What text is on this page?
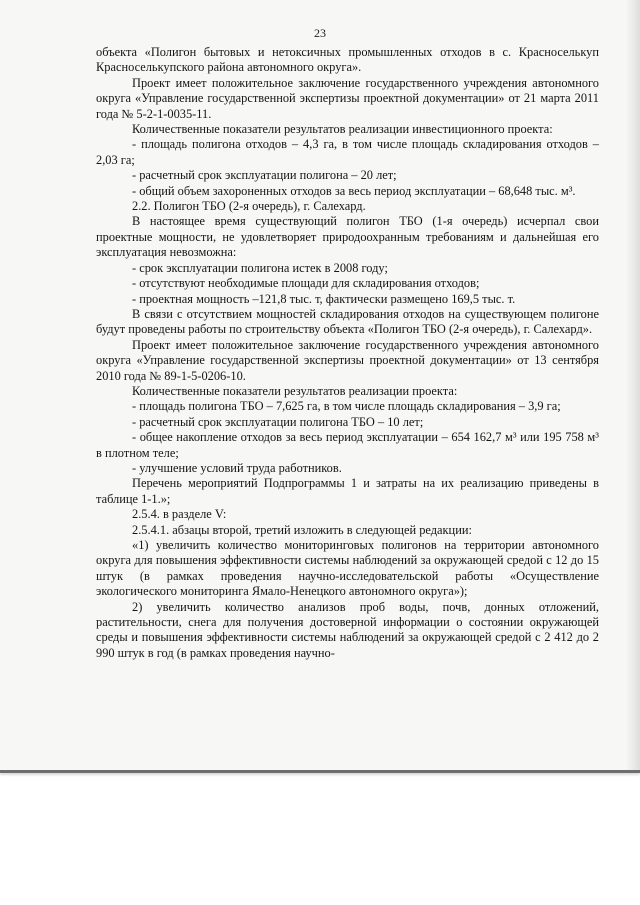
23

объекта «Полигон бытовых и нетоксичных промышленных отходов в с. Красноселькуп Красноселькупского района автономного округа».

Проект имеет положительное заключение государственного учреждения автономного округа «Управление государственной экспертизы проектной документации» от 21 марта 2011 года № 5-2-1-0035-11.

Количественные показатели результатов реализации инвестиционного проекта:

- площадь полигона отходов – 4,3 га, в том числе площадь складирования отходов – 2,03 га;

- расчетный срок эксплуатации полигона – 20 лет;

- общий объем захороненных отходов за весь период эксплуатации – 68,648 тыс. м³.

2.2. Полигон ТБО (2-я очередь), г. Салехард.

В настоящее время существующий полигон ТБО (1-я очередь) исчерпал свои проектные мощности, не удовлетворяет природоохранным требованиям и дальнейшая его эксплуатация невозможна:

- срок эксплуатации полигона истек в 2008 году;

- отсутствуют необходимые площади для складирования отходов;

- проектная мощность –121,8 тыс. т, фактически размещено 169,5 тыс. т.

В связи с отсутствием мощностей складирования отходов на существующем полигоне будут проведены работы по строительству объекта «Полигон ТБО (2-я очередь), г. Салехард».

Проект имеет положительное заключение государственного учреждения автономного округа «Управление государственной экспертизы проектной документации» от 13 сентября 2010 года № 89-1-5-0206-10.

Количественные показатели результатов реализации проекта:

- площадь полигона ТБО – 7,625 га, в том числе площадь складирования – 3,9 га;

- расчетный срок эксплуатации полигона ТБО – 10 лет;

- общее накопление отходов за весь период эксплуатации – 654 162,7 м³ или 195 758 м³ в плотном теле;

- улучшение условий труда работников.

Перечень мероприятий Подпрограммы 1 и затраты на их реализацию приведены в таблице 1-1.»;

2.5.4. в разделе V:

2.5.4.1. абзацы второй, третий изложить в следующей редакции:

«1) увеличить количество мониторинговых полигонов на территории автономного округа для повышения эффективности системы наблюдений за окружающей средой с 12 до 15 штук (в рамках проведения научно-исследовательской работы «Осуществление экологического мониторинга Ямало-Ненецкого автономного округа»);

2) увеличить количество анализов проб воды, почв, донных отложений, растительности, снега для получения достоверной информации о состоянии окружающей среды и повышения эффективности системы наблюдений за окружающей средой с 2 412 до 2 990 штук в год (в рамках проведения научно-
